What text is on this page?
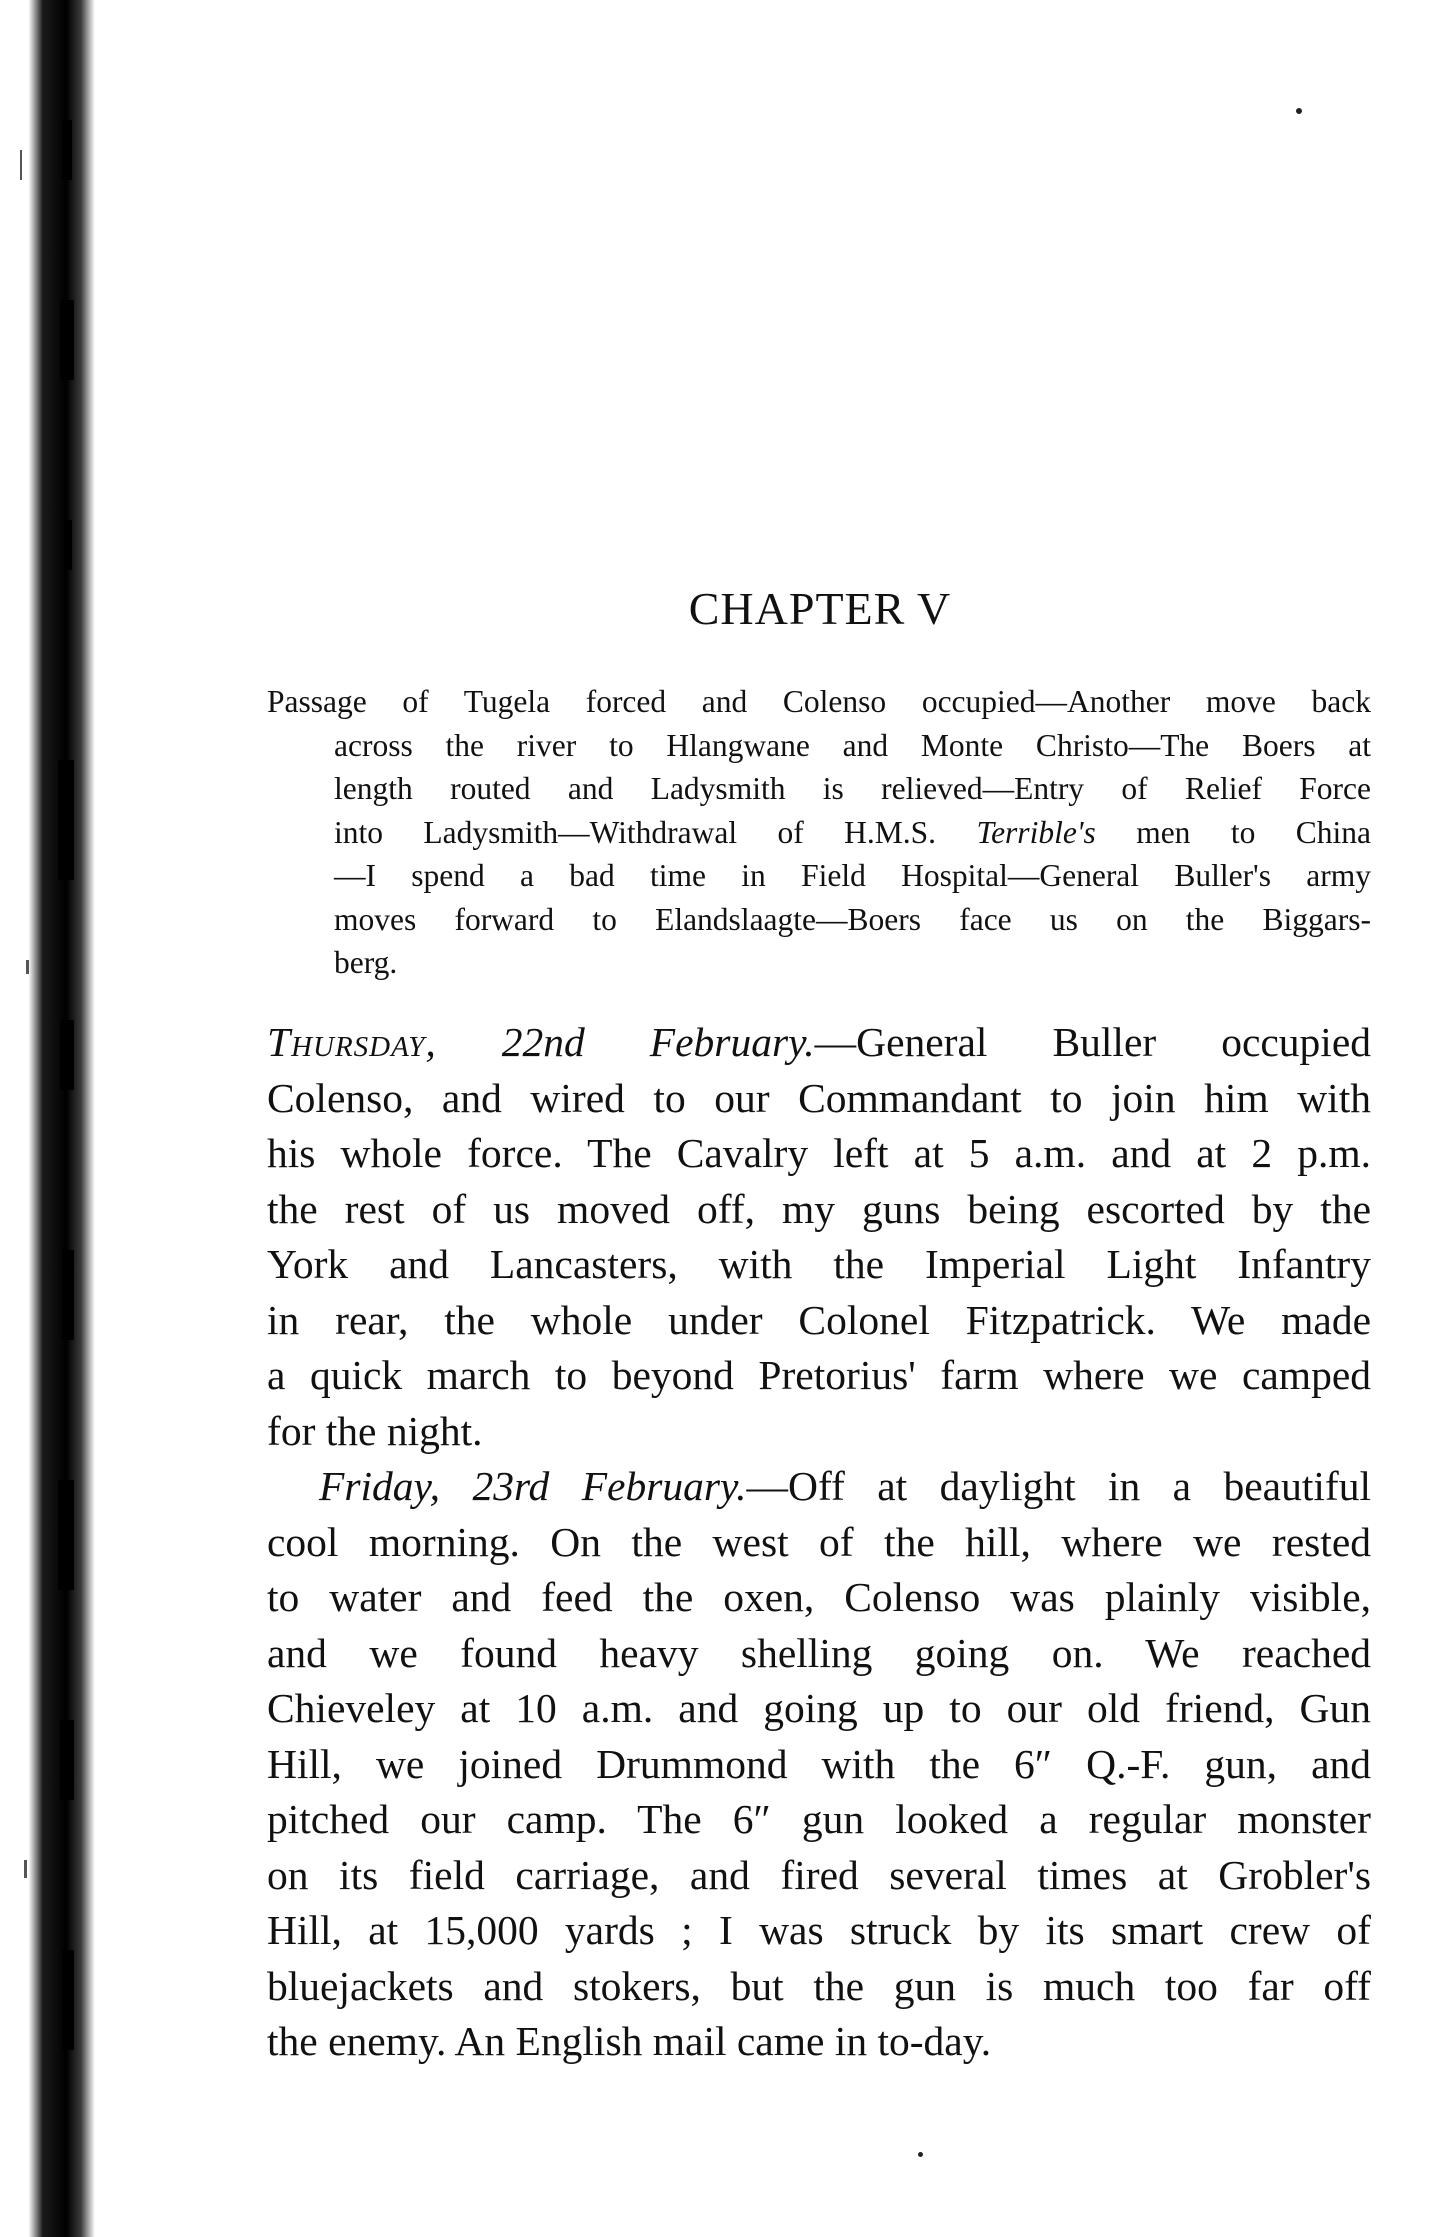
CHAPTER V
Passage of Tugela forced and Colenso occupied—Another move back
across the river to Hlangwane and Monte Christo—The Boers at
length routed and Ladysmith is relieved—Entry of Relief Force
into Ladysmith—Withdrawal of H.M.S. Terrible's men to China
—I spend a bad time in Field Hospital—General Buller's army
moves forward to Elandslaagte—Boers face us on the Biggars-
berg.
Thursday, 22nd February.—General Buller occupied
Colenso, and wired to our Commandant to join him with
his whole force. The Cavalry left at 5 a.m. and at 2 p.m.
the rest of us moved off, my guns being escorted by the
York and Lancasters, with the Imperial Light Infantry
in rear, the whole under Colonel Fitzpatrick. We made
a quick march to beyond Pretorius' farm where we camped
for the night.
Friday, 23rd February.—Off at daylight in a beautiful
cool morning. On the west of the hill, where we rested
to water and feed the oxen, Colenso was plainly visible,
and we found heavy shelling going on. We reached
Chieveley at 10 a.m. and going up to our old friend, Gun
Hill, we joined Drummond with the 6″ Q.-F. gun, and
pitched our camp. The 6″ gun looked a regular monster
on its field carriage, and fired several times at Grobler's
Hill, at 15,000 yards ; I was struck by its smart crew of
bluejackets and stokers, but the gun is much too far off
the enemy. An English mail came in to-day.
